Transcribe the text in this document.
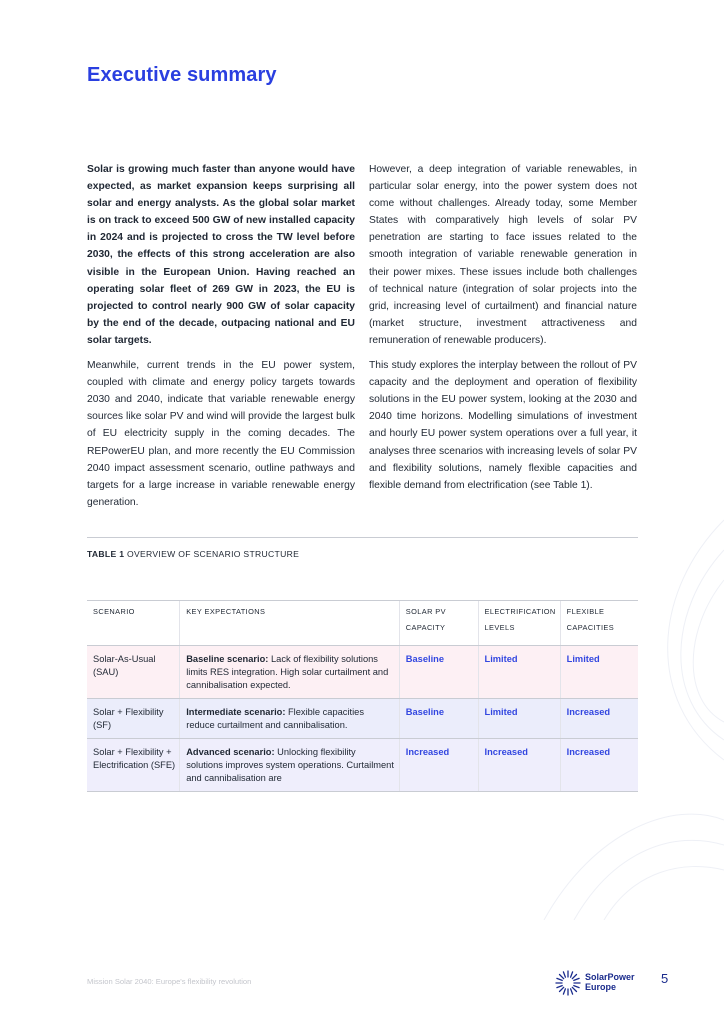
Executive summary

Solar is growing much faster than anyone would have expected, as market expansion keeps surprising all solar and energy analysts. As the global solar market is on track to exceed 500 GW of new installed capacity in 2024 and is projected to cross the TW level before 2030, the effects of this strong acceleration are also visible in the European Union. Having reached an operating solar fleet of 269 GW in 2023, the EU is projected to control nearly 900 GW of solar capacity by the end of the decade, outpacing national and EU solar targets.

Meanwhile, current trends in the EU power system, coupled with climate and energy policy targets towards 2030 and 2040, indicate that variable renewable energy sources like solar PV and wind will provide the largest bulk of EU electricity supply in the coming decades. The REPowerEU plan, and more recently the EU Commission 2040 impact assessment scenario, outline pathways and targets for a large increase in variable renewable energy generation.

However, a deep integration of variable renewables, in particular solar energy, into the power system does not come without challenges. Already today, some Member States with comparatively high levels of solar PV penetration are starting to face issues related to the smooth integration of variable renewable generation in their power mixes. These issues include both challenges of technical nature (integration of solar projects into the grid, increasing level of curtailment) and financial nature (market structure, investment attractiveness and remuneration of renewable producers).

This study explores the interplay between the rollout of PV capacity and the deployment and operation of flexibility solutions in the EU power system, looking at the 2030 and 2040 time horizons. Modelling simulations of investment and hourly EU power system operations over a full year, it analyses three scenarios with increasing levels of solar PV and flexibility solutions, namely flexible capacities and flexible demand from electrification (see Table 1).

TABLE 1 OVERVIEW OF SCENARIO STRUCTURE
SCENARIO	KEY EXPECTATIONS	SOLAR PV CAPACITY	ELECTRIFICATION LEVELS	FLEXIBLE CAPACITIES
Solar-As-Usual (SAU)	Baseline scenario: Lack of flexibility solutions limits RES integration. High solar curtailment and cannibalisation expected.	Baseline	Limited	Limited
Solar + Flexibility (SF)	Intermediate scenario: Flexible capacities reduce curtailment and cannibalisation.	Baseline	Limited	Increased
Solar + Flexibility + Electrification (SFE)	Advanced scenario: Unlocking flexibility solutions improves system operations. Curtailment and cannibalisation are	Increased	Increased	Increased
Mission Solar 2040: Europe's flexibility revolution	SolarPower
Europe
5
